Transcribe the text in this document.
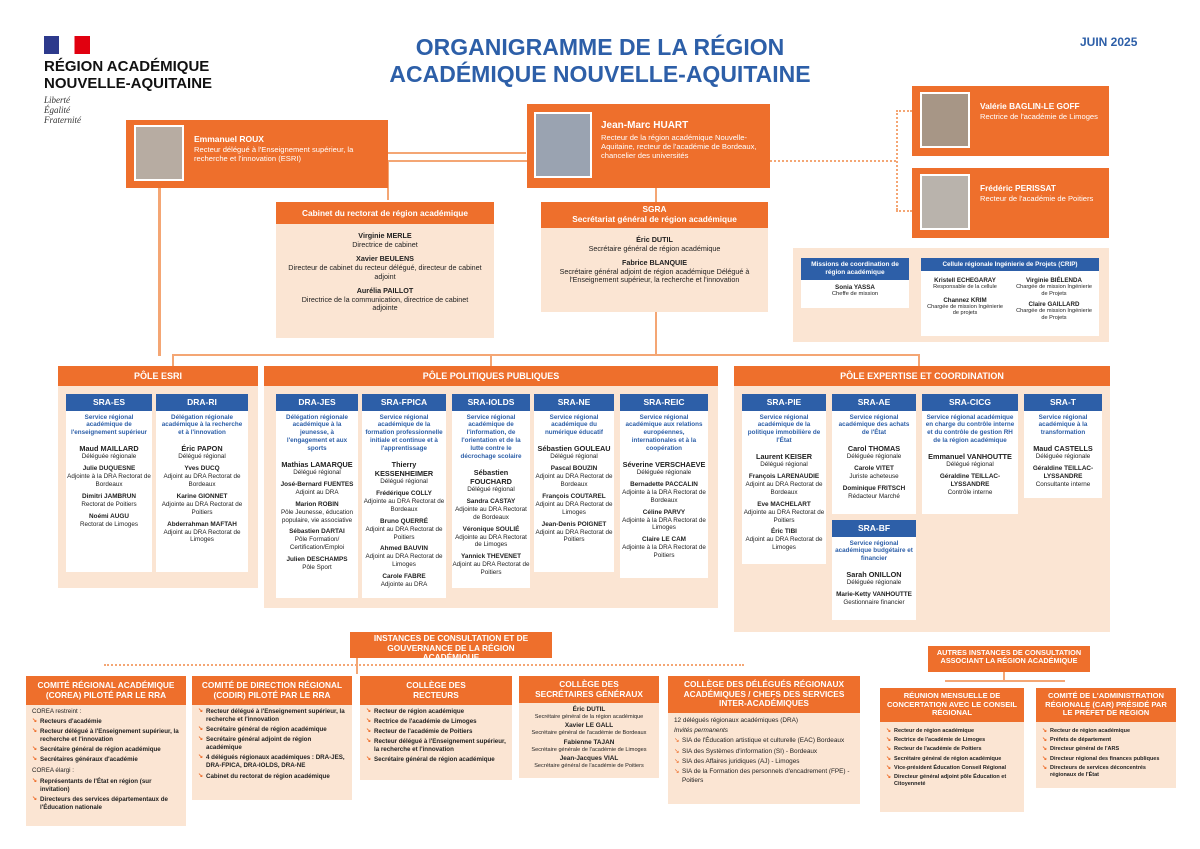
RÉGION ACADÉMIQUE
NOUVELLE-AQUITAINE
Liberté
Égalité
Fraternité
ORGANIGRAMME DE LA RÉGION
ACADÉMIQUE NOUVELLE-AQUITAINE
JUIN 2025
Emmanuel ROUX
Recteur délégué à l'Enseignement supérieur, la recherche et l'innovation (ESRI)
Jean-Marc HUART
Recteur de la région académique Nouvelle-Aquitaine, recteur de l'académie de Bordeaux, chancelier des universités
Valérie BAGLIN-LE GOFF
Rectrice de l'académie de Limoges
Frédéric PERISSAT
Recteur de l'académie de Poitiers
Cabinet du rectorat de région académique
Virginie MERLE
Directrice de cabinet
Xavier BEULENS
Directeur de cabinet du recteur délégué, directeur de cabinet adjoint
Aurélia PAILLOT
Directrice de la communication, directrice de cabinet adjointe
SGRA
Secrétariat général de région académique
Éric DUTIL
Secrétaire général de région académique
Fabrice BLANQUIE
Secrétaire général adjoint de région académique Délégué à l'Enseignement supérieur, la recherche et l'innovation
Missions de coordination de région académique
Sonia YASSA
Cheffe de mission
Cellule régionale Ingénierie de Projets (CRIP)
Kristell ECHEGARAY
Responsable de la cellule
Channez KRIM
Chargée de mission Ingénierie de projets
Virginie BIÉLENDA
Chargée de mission Ingénierie de Projets
Claire GAILLARD
Chargée de mission Ingénierie de Projets
PÔLE ESRI	PÔLE POLITIQUES PUBLIQUES	PÔLE EXPERTISE ET COORDINATION
SRA-ES
Service régional académique de l'enseignement supérieur
Maud MAILLARD
Déléguée régionale
Julie DUQUESNE
Adjointe à la DRA Rectorat de Bordeaux
Dimitri JAMBRUN
Rectorat de Poitiers
Noémi AUGU
Rectorat de Limoges
DRA-RI
Délégation régionale académique à la recherche et à l'innovation
Éric PAPON
Délégué régional
Yves DUCQ
Adjoint au DRA Rectorat de Bordeaux
Karine GIONNET
Adjointe au DRA Rectorat de Poitiers
Abderrahman MAFTAH
Adjoint au DRA Rectorat de Limoges
DRA-JES
Délégation régionale académique à la jeunesse, à l'engagement et aux sports
Mathias LAMARQUE
Délégué régional
José-Bernard FUENTES
Adjoint au DRA
Marion ROBIN
Pôle Jeunesse, éducation populaire, vie associative
Sébastien DARTAI
Pôle Formation/ Certification/Emploi
Julien DESCHAMPS
Pôle Sport
SRA-FPICA
Service régional académique de la formation professionnelle initiale et continue et à l'apprentissage
Thierry KESSENHEIMER
Délégué régional
Frédérique COLLY
Adjointe au DRA Rectorat de Bordeaux
Bruno QUERRÉ
Adjoint au DRA Rectorat de Poitiers
Ahmed BAUVIN
Adjoint au DRA Rectorat de Limoges
Carole FABRE
Adjointe au DRA
SRA-IOLDS
Service régional académique de l'information, de l'orientation et de la lutte contre le décrochage scolaire
Sébastien FOUCHARD
Délégué régional
Sandra CASTAY
Adjointe au DRA Rectorat de Bordeaux
Véronique SOULIÉ
Adjointe au DRA Rectorat de Limoges
Yannick THEVENET
Adjoint au DRA Rectorat de Poitiers
SRA-NE
Service régional académique du numérique éducatif
Sébastien GOULEAU
Délégué régional
Pascal BOUZIN
Adjoint au DRA Rectorat de Bordeaux
François COUTAREL
Adjoint au DRA Rectorat de Limoges
Jean-Denis POIGNET
Adjoint au DRA Rectorat de Poitiers
SRA-REIC
Service régional académique aux relations européennes, internationales et à la coopération
Séverine VERSCHAEVE
Déléguée régionale
Bernadette PACCALIN
Adjointe à la DRA Rectorat de Bordeaux
Céline PARVY
Adjointe à la DRA Rectorat de Limoges
Claire LE CAM
Adjointe à la DRA Rectorat de Poitiers
SRA-PIE
Service régional académique de la politique immobilière de l'État
Laurent KEISER
Délégué régional
François LARENAUDIE
Adjoint au DRA Rectorat de Bordeaux
Eve MACHELART
Adjointe au DRA Rectorat de Poitiers
Éric TIBI
Adjoint au DRA Rectorat de Limoges
SRA-AE
Service régional académique des achats de l'État
Carol THOMAS
Déléguée régionale
Carole VITET
Juriste acheteuse
Dominique FRITSCH
Rédacteur Marché
SRA-CICG
Service régional académique en charge du contrôle interne et du contrôle de gestion RH de la région académique
Emmanuel VANHOUTTE
Délégué régional
Géraldine TEILLAC-LYSSANDRE
Contrôle interne
SRA-T
Service régional académique à la transformation
Maud CASTELLS
Déléguée régionale
Géraldine TEILLAC-LYSSANDRE
Consultante interne
SRA-BF
Service régional académique budgétaire et financier
Sarah ONILLON
Déléguée régionale
Marie-Ketty VANHOUTTE
Gestionnaire financier
INSTANCES DE CONSULTATION ET DE GOUVERNANCE DE LA RÉGION ACADÉMIQUE	AUTRES INSTANCES DE CONSULTATION ASSOCIANT LA RÉGION ACADÉMIQUE
COMITÉ RÉGIONAL ACADÉMIQUE (COREA) PILOTÉ PAR LE RRA
COREA restreint :
↘ Recteurs d'académie
↘ Recteur délégué à l'Enseignement supérieur, la recherche et l'innovation
↘ Secrétaire général de région académique
↘ Secrétaires généraux d'académie
COREA élargi :
↘ Représentants de l'État en région (sur invitation)
↘ Directeurs des services départementaux de l'Éducation nationale
COMITÉ DE DIRECTION RÉGIONAL (CODIR) PILOTÉ PAR LE RRA
↘ Recteur délégué à l'Enseignement supérieur, la recherche et l'innovation
↘ Secrétaire général de région académique
↘ Secrétaire général adjoint de région académique
↘ 4 délégués régionaux académiques : DRA-JES, DRA-FPICA, DRA-IOLDS, DRA-NE
↘ Cabinet du rectorat de région académique
COLLÈGE DES RECTEURS
↘ Recteur de région académique
↘ Rectrice de l'académie de Limoges
↘ Recteur de l'académie de Poitiers
↘ Recteur délégué à l'Enseignement supérieur, la recherche et l'innovation
↘ Secrétaire général de région académique
COLLÈGE DES SECRÉTAIRES GÉNÉRAUX
Éric DUTIL
Secrétaire général de la région académique
Xavier LE GALL
Secrétaire général de l'académie de Bordeaux
Fabienne TAJAN
Secrétaire générale de l'académie de Limoges
Jean-Jacques VIAL
Secrétaire général de l'académie de Poitiers
COLLÈGE DES DÉLÉGUÉS RÉGIONAUX ACADÉMIQUES / CHEFS DES SERVICES INTER-ACADÉMIQUES
12 délégués régionaux académiques (DRA)
Invités permanents
↘ SIA de l'Éducation artistique et culturelle (EAC) Bordeaux
↘ SIA des Systèmes d'information (SI) - Bordeaux
↘ SIA des Affaires juridiques (AJ) - Limoges
↘ SIA de la Formation des personnels d'encadrement (FPE) - Poitiers
RÉUNION MENSUELLE DE CONCERTATION AVEC LE CONSEIL RÉGIONAL
↘ Recteur de région académique
↘ Rectrice de l'académie de Limoges
↘ Recteur de l'académie de Poitiers
↘ Secrétaire général de région académique
↘ Vice-président Éducation Conseil Régional
↘ Directeur général adjoint pôle Éducation et Citoyenneté
COMITÉ DE L'ADMINISTRATION RÉGIONALE (CAR) PRÉSIDÉ PAR LE PRÉFET DE RÉGION
↘ Recteur de région académique
↘ Préfets de département
↘ Directeur général de l'ARS
↘ Directeur régional des finances publiques
↘ Directeurs de services déconcentrés régionaux de l'État
